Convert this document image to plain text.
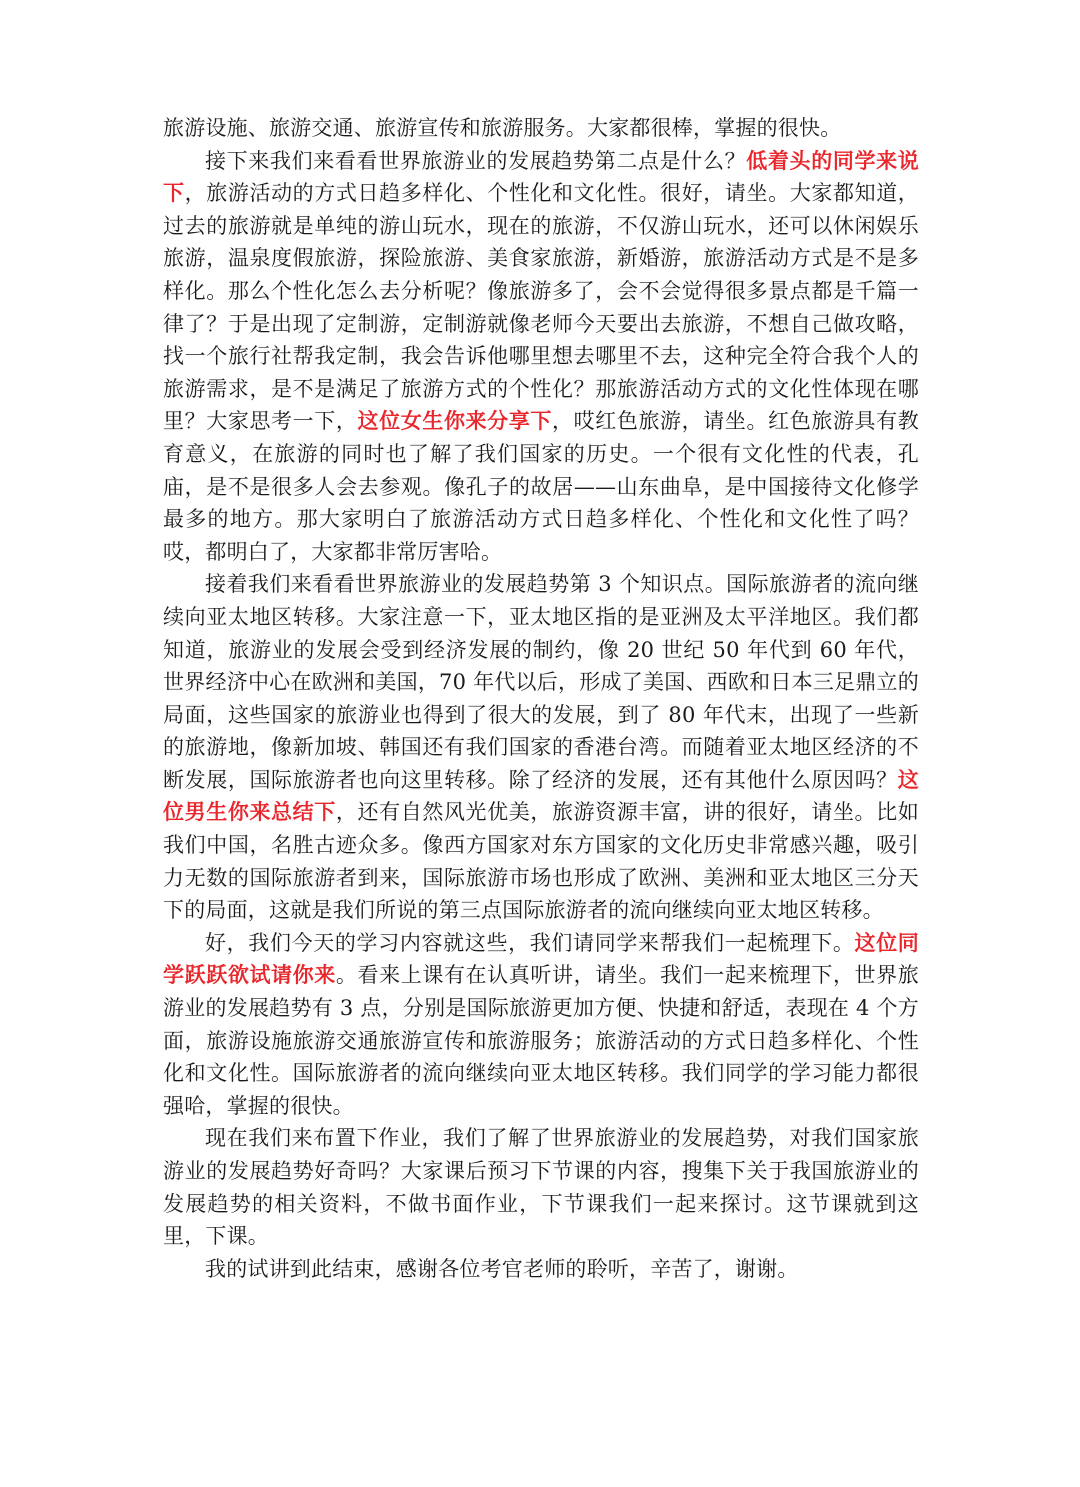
旅游设施、旅游交通、旅游宣传和旅游服务。大家都很棒，掌握的很快。

接下来我们来看看世界旅游业的发展趋势第二点是什么？低着头的同学来说下，旅游活动的方式日趋多样化、个性化和文化性。很好，请坐。大家都知道，过去的旅游就是单纯的游山玩水，现在的旅游，不仅游山玩水，还可以休闲娱乐旅游，温泉度假旅游，探险旅游、美食家旅游，新婚游，旅游活动方式是不是多样化。那么个性化怎么去分析呢？像旅游多了，会不会觉得很多景点都是千篇一律了？于是出现了定制游，定制游就像老师今天要出去旅游，不想自己做攻略，找一个旅行社帮我定制，我会告诉他哪里想去哪里不去，这种完全符合我个人的旅游需求，是不是满足了旅游方式的个性化？那旅游活动方式的文化性体现在哪里？大家思考一下，这位女生你来分享下，哎红色旅游，请坐。红色旅游具有教育意义，在旅游的同时也了解了我们国家的历史。一个很有文化性的代表，孔庙，是不是很多人会去参观。像孔子的故居——山东曲阜，是中国接待文化修学最多的地方。那大家明白了旅游活动方式日趋多样化、个性化和文化性了吗？哎，都明白了，大家都非常厉害哈。

接着我们来看看世界旅游业的发展趋势第 3 个知识点。国际旅游者的流向继续向亚太地区转移。大家注意一下，亚太地区指的是亚洲及太平洋地区。我们都知道，旅游业的发展会受到经济发展的制约，像 20 世纪 50 年代到 60 年代，世界经济中心在欧洲和美国，70 年代以后，形成了美国、西欧和日本三足鼎立的局面，这些国家的旅游业也得到了很大的发展，到了 80 年代末，出现了一些新的旅游地，像新加坡、韩国还有我们国家的香港台湾。而随着亚太地区经济的不断发展，国际旅游者也向这里转移。除了经济的发展，还有其他什么原因吗？这位男生你来总结下，还有自然风光优美，旅游资源丰富，讲的很好，请坐。比如我们中国，名胜古迹众多。像西方国家对东方国家的文化历史非常感兴趣，吸引力无数的国际旅游者到来，国际旅游市场也形成了欧洲、美洲和亚太地区三分天下的局面，这就是我们所说的第三点国际旅游者的流向继续向亚太地区转移。

好，我们今天的学习内容就这些，我们请同学来帮我们一起梳理下。这位同学跃跃欲试请你来。看来上课有在认真听讲，请坐。我们一起来梳理下，世界旅游业的发展趋势有 3 点，分别是国际旅游更加方便、快捷和舒适，表现在 4 个方面，旅游设施旅游交通旅游宣传和旅游服务；旅游活动的方式日趋多样化、个性化和文化性。国际旅游者的流向继续向亚太地区转移。我们同学的学习能力都很强哈，掌握的很快。

现在我们来布置下作业，我们了解了世界旅游业的发展趋势，对我们国家旅游业的发展趋势好奇吗？大家课后预习下节课的内容，搜集下关于我国旅游业的发展趋势的相关资料，不做书面作业，下节课我们一起来探讨。这节课就到这里，下课。

我的试讲到此结束，感谢各位考官老师的聆听，辛苦了，谢谢。
